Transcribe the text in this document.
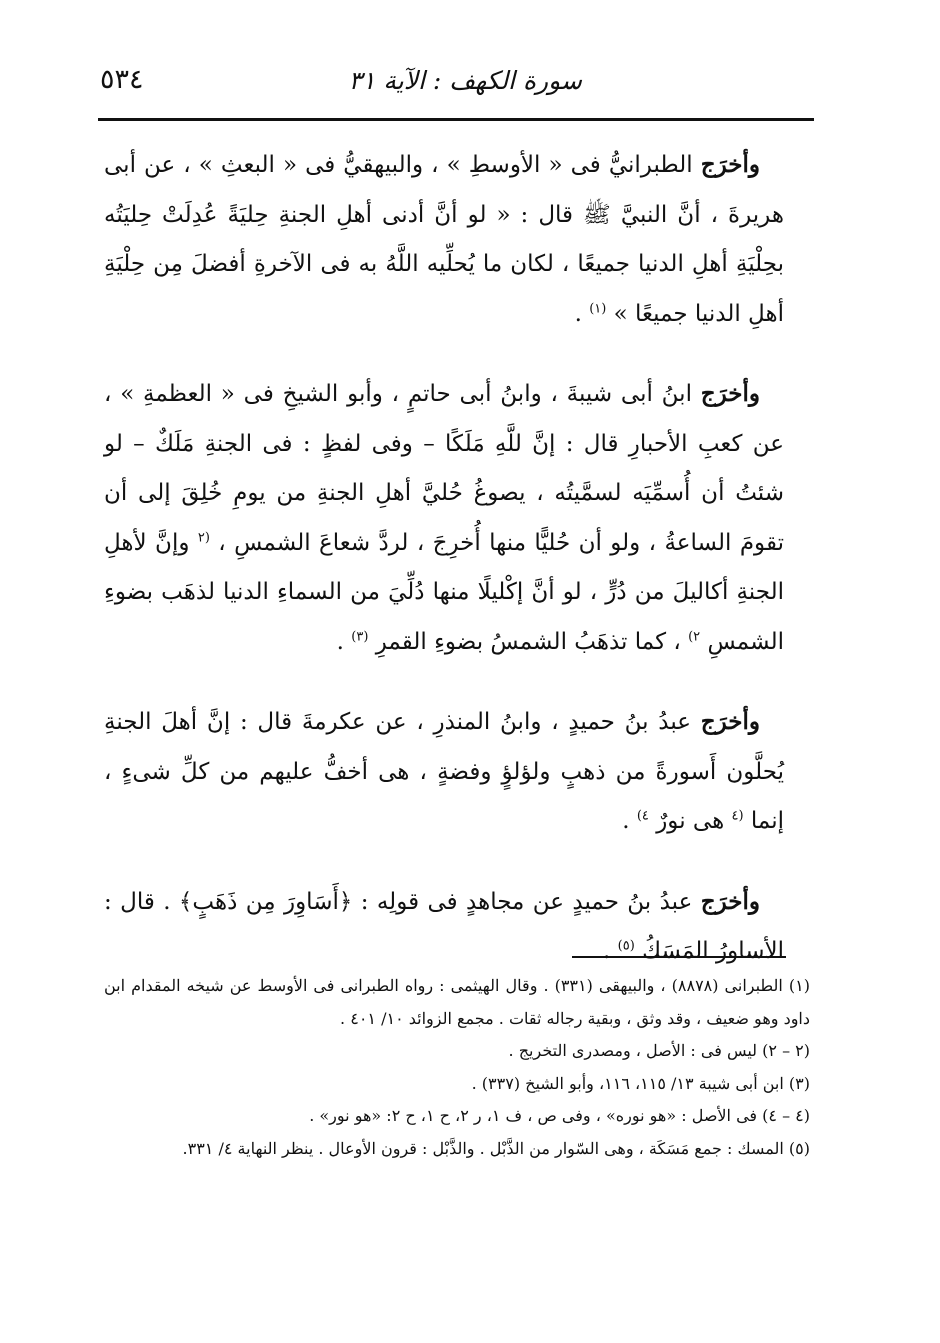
سورة الكهف : الآية ٣١
٥٣٤

وأخرَج الطبرانيُّ فى « الأوسطِ » ، والبيهقيُّ فى « البعثِ » ، عن أبى هريرةَ ، أنَّ النبيَّ ﷺ قال : « لو أنَّ أدنى أهلِ الجنةِ حِليَةً عُدِلَتْ حِليَتُه بحِلْيَةِ أهلِ الدنيا جميعًا ، لكان ما يُحلِّيه اللَّهُ به فى الآخرةِ أفضلَ مِن حِلْيَةِ أهلِ الدنيا جميعًا » $^{(١)}$ .

وأخرَج ابنُ أبى شيبةَ ، وابنُ أبى حاتمٍ ، وأبو الشيخِ فى « العظمةِ » ، عن كعبِ الأحبارِ قال : إنَّ للَّهِ مَلَكًا – وفى لفظٍ : فى الجنةِ مَلَكٌ – لو شئتُ أن أُسمِّيَه لسمَّيتُه ، يصوغُ حُليَّ أهلِ الجنةِ من يومِ خُلِقَ إلى أن تقومَ الساعةُ ، ولو أن حُليًّا منها أُخرِجَ ، لردَّ شعاعَ الشمسِ ، $^{(٢}$ وإنَّ لأهلِ الجنةِ أكاليلَ من دُرٍّ ، لو أنَّ إكْليلًا منها دُلِّيَ من السماءِ الدنيا لذهَب بضوءِ الشمسِ $^{٢)}$ ، كما تذهَبُ الشمسُ بضوءِ القمرِ $^{(٣)}$ .

وأخرَج عبدُ بنُ حميدٍ ، وابنُ المنذرِ ، عن عكرمةَ قال : إنَّ أهلَ الجنةِ يُحلَّون أَسورةً من ذهبٍ ولؤلؤٍ وفضةٍ ، هى أخفُّ عليهم من كلِّ شىءٍ ، إنما $^{(٤}$ هى نورٌ $^{٤)}$ .

وأخرَج عبدُ بنُ حميدٍ عن مجاهدٍ فى قولِه : ﴿أَسَاوِرَ مِن ذَهَبٍ﴾ . قال : الأساورُ المَسَكُ $^{(٥)}$ .

(١) الطبرانى (٨٨٧٨) ، والبيهقى (٣٣١) . وقال الهيثمى : رواه الطبرانى فى الأوسط عن شيخه المقدام ابن داود وهو ضعيف ، وقد وثق ، وبقية رجاله ثقات . مجمع الزوائد ١٠/ ٤٠١ .

(٢ – ٢) ليس فى : الأصل ، ومصدرى التخريج .

(٣) ابن أبى شيبة ١٣/ ١١٥، ١١٦، وأبو الشيخ (٣٣٧) .

(٤ – ٤) فى الأصل : «هو نوره» ، وفى ص ، ف ١، ر ٢، ح ١، ح ٢: «هو نور» .

(٥) المسك : جمع مَسَكَة ، وهى السّوار من الذَّبْل . والذَّبْل : قرون الأوعال . ينظر النهاية ٤/ ٣٣١.
